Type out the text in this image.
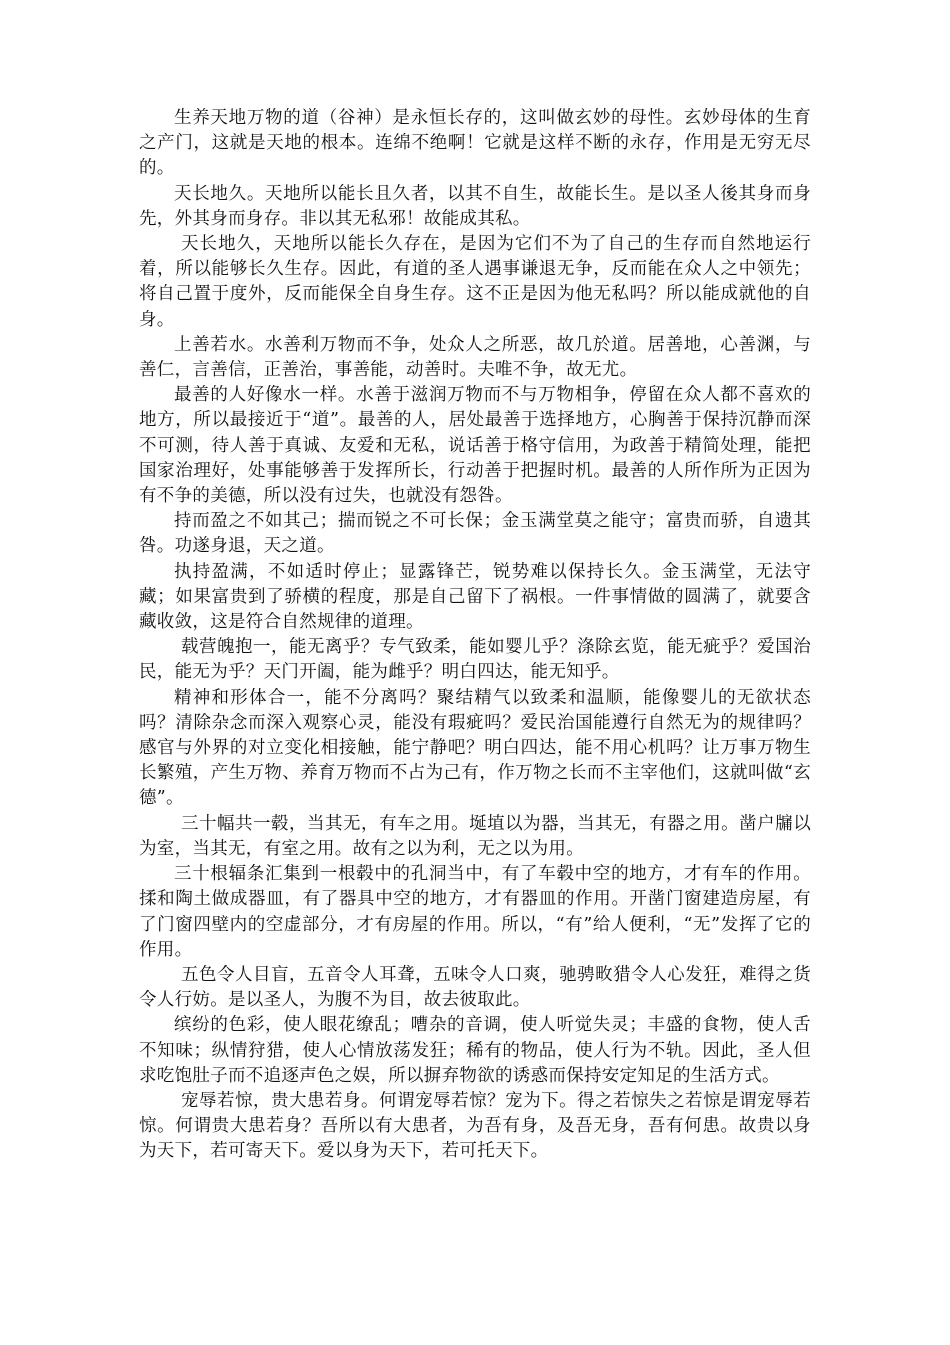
生养天地万物的道（谷神）是永恒长存的，这叫做玄妙的母性。玄妙母体的生育之产门，这就是天地的根本。连绵不绝啊！它就是这样不断的永存，作用是无穷无尽的。

天长地久。天地所以能长且久者，以其不自生，故能长生。是以圣人後其身而身先，外其身而身存。非以其无私邪！故能成其私。

天长地久，天地所以能长久存在，是因为它们不为了自己的生存而自然地运行着，所以能够长久生存。因此，有道的圣人遇事谦退无争，反而能在众人之中领先；将自己置于度外，反而能保全自身生存。这不正是因为他无私吗？所以能成就他的自身。

上善若水。水善利万物而不争，处众人之所恶，故几於道。居善地，心善渊，与善仁，言善信，正善治，事善能，动善时。夫唯不争，故无尤。

最善的人好像水一样。水善于滋润万物而不与万物相争，停留在众人都不喜欢的地方，所以最接近于“道”。最善的人，居处最善于选择地方，心胸善于保持沉静而深不可测，待人善于真诚、友爱和无私，说话善于格守信用，为政善于精简处理，能把国家治理好，处事能够善于发挥所长，行动善于把握时机。最善的人所作所为正因为有不争的美德，所以没有过失，也就没有怨咎。

持而盈之不如其己；揣而锐之不可长保；金玉满堂莫之能守；富贵而骄，自遗其咎。功遂身退，天之道。

执持盈满，不如适时停止；显露锋芒，锐势难以保持长久。金玉满堂，无法守藏；如果富贵到了骄横的程度，那是自己留下了祸根。一件事情做的圆满了，就要含藏收敛，这是符合自然规律的道理。

载营魄抱一，能无离乎？专气致柔，能如婴儿乎？涤除玄览，能无疵乎？爱国治民，能无为乎？天门开阖，能为雌乎？明白四达，能无知乎。

精神和形体合一，能不分离吗？聚结精气以致柔和温顺，能像婴儿的无欲状态吗？清除杂念而深入观察心灵，能没有瑕疵吗？爱民治国能遵行自然无为的规律吗？感官与外界的对立变化相接触，能宁静吧？明白四达，能不用心机吗？让万事万物生长繁殖，产生万物、养育万物而不占为己有，作万物之长而不主宰他们，这就叫做“玄德”。

三十幅共一毂，当其无，有车之用。埏埴以为器，当其无，有器之用。凿户牖以为室，当其无，有室之用。故有之以为利，无之以为用。

三十根辐条汇集到一根毂中的孔洞当中，有了车毂中空的地方，才有车的作用。揉和陶土做成器皿，有了器具中空的地方，才有器皿的作用。开凿门窗建造房屋，有了门窗四壁内的空虚部分，才有房屋的作用。所以，“有”给人便利，“无”发挥了它的作用。

五色令人目盲，五音令人耳聋，五味令人口爽，驰骋畋猎令人心发狂，难得之货令人行妨。是以圣人，为腹不为目，故去彼取此。

缤纷的色彩，使人眼花缭乱；嘈杂的音调，使人听觉失灵；丰盛的食物，使人舌不知味；纵情狩猎，使人心情放荡发狂；稀有的物品，使人行为不轨。因此，圣人但求吃饱肚子而不追逐声色之娱，所以摒弃物欲的诱惑而保持安定知足的生活方式。

宠辱若惊，贵大患若身。何谓宠辱若惊？宠为下。得之若惊失之若惊是谓宠辱若惊。何谓贵大患若身？吾所以有大患者，为吾有身，及吾无身，吾有何患。故贵以身为天下，若可寄天下。爱以身为天下，若可托天下。
